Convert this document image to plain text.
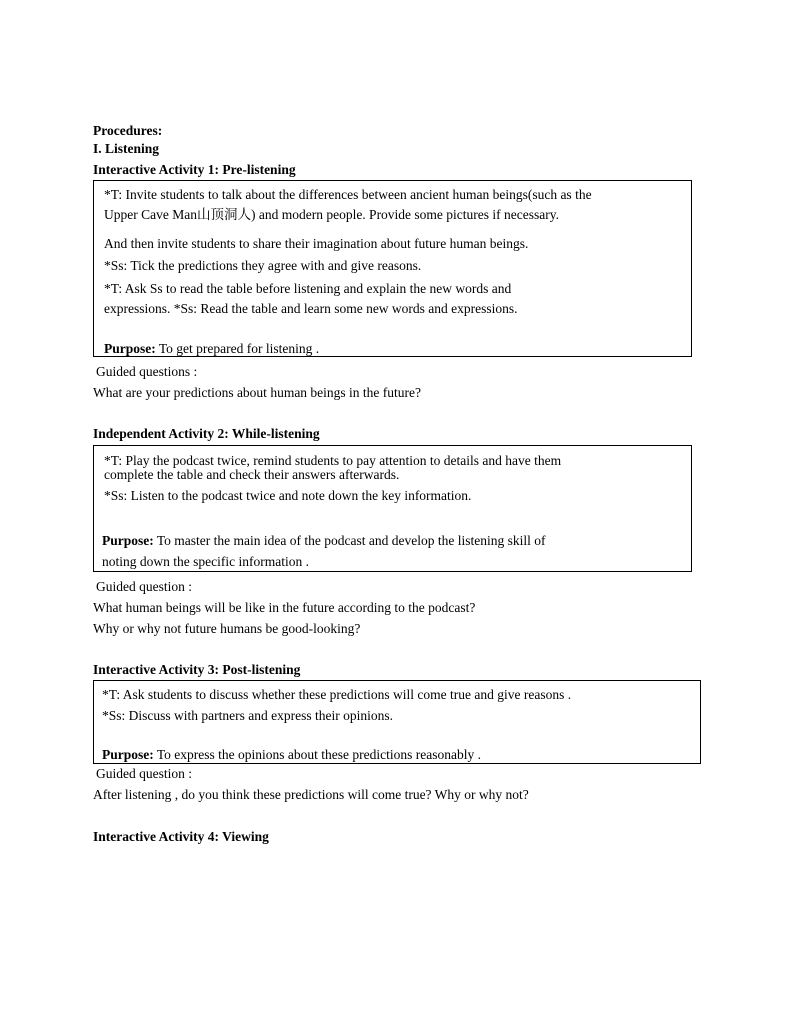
Procedures:
I. Listening
Interactive Activity 1: Pre-listening
*T: Invite students to talk about the differences between ancient human beings(such as the
Upper Cave Man山顶洞人) and modern people. Provide some pictures if necessary.
And then invite students to share their imagination about future human beings.
*Ss: Tick the predictions they agree with and give reasons.
*T: Ask Ss to read the table before listening and explain the new words and
expressions. *Ss: Read the table and learn some new words and expressions.
Purpose: To get prepared for listening .
Guided questions :
What are your predictions about human beings in the future?
Independent Activity 2: While-listening
*T: Play the podcast twice, remind students to pay attention to details and have them
complete the table and check their answers afterwards.
*Ss: Listen to the podcast twice and note down the key information.
Purpose: To master the main idea of the podcast and develop the listening skill of
noting down the specific information .
Guided question :
What human beings will be like in the future according to the podcast?
Why or why not future humans be good-looking?
Interactive Activity 3: Post-listening
*T: Ask students to discuss whether these predictions will come true and give reasons .
*Ss: Discuss with partners and express their opinions.
Purpose: To express the opinions about these predictions reasonably .
Guided question :
After listening , do you think these predictions will come true? Why or why not?
Interactive Activity 4: Viewing
